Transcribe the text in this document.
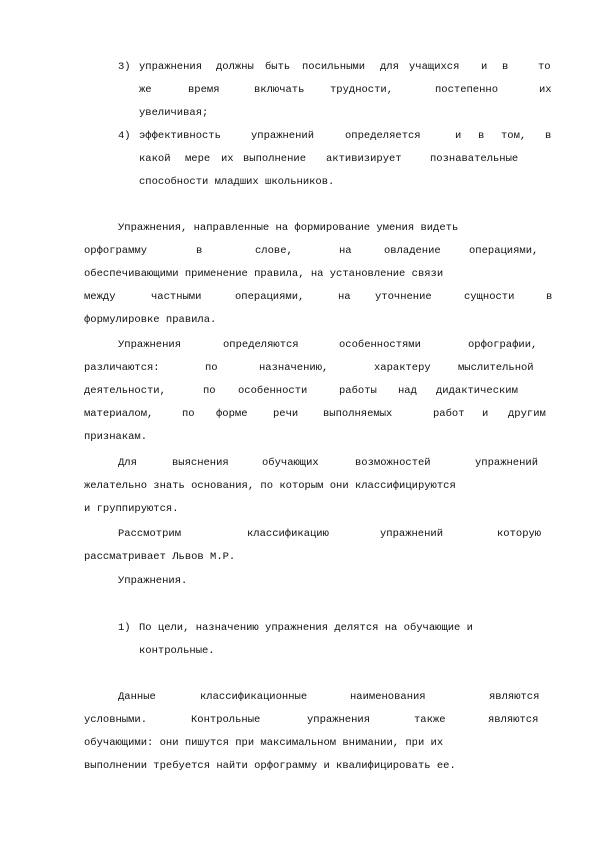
3) упражнения должны быть посильными для учащихся и в	то
же	время	включать трудности,	постепенно	их
увеличивая;
4) эффективность	упражнений	определяется	и в том, в
какой мере их выполнение активизирует	познавательные
способности младших школьников.
Упражнения, направленные на формирование умения видеть
орфограмму	в	слове,	на	овладение	операциями,
обеспечивающими применение правила, на установление связи
между	частными	операциями,	на уточнение	сущности	в
формулировке правила.
Упражнения	определяются	особенностями	орфографии,
различаются:	по	назначению,	характеру	мыслительной
деятельности,	по особенности	работы над дидактическим
материалом,	по форме речи выполняемых	работ и другим
признакам.
Для	выяснения	обучающих	возможностей	упражнений
желательно знать основания, по которым они классифицируются
и группируются.
Рассмотрим	классификацию	упражнений	которую
рассматривает Львов М.Р.
Упражнения.
1) По цели, назначению упражнения делятся на обучающие и
контрольные.
Данные	классификационные	наименования	являются
условными.	Контрольные	упражнения	также	являются
обучающими: они пишутся при максимальном внимании, при их
выполнении требуется найти орфограмму и квалифицировать ее.
